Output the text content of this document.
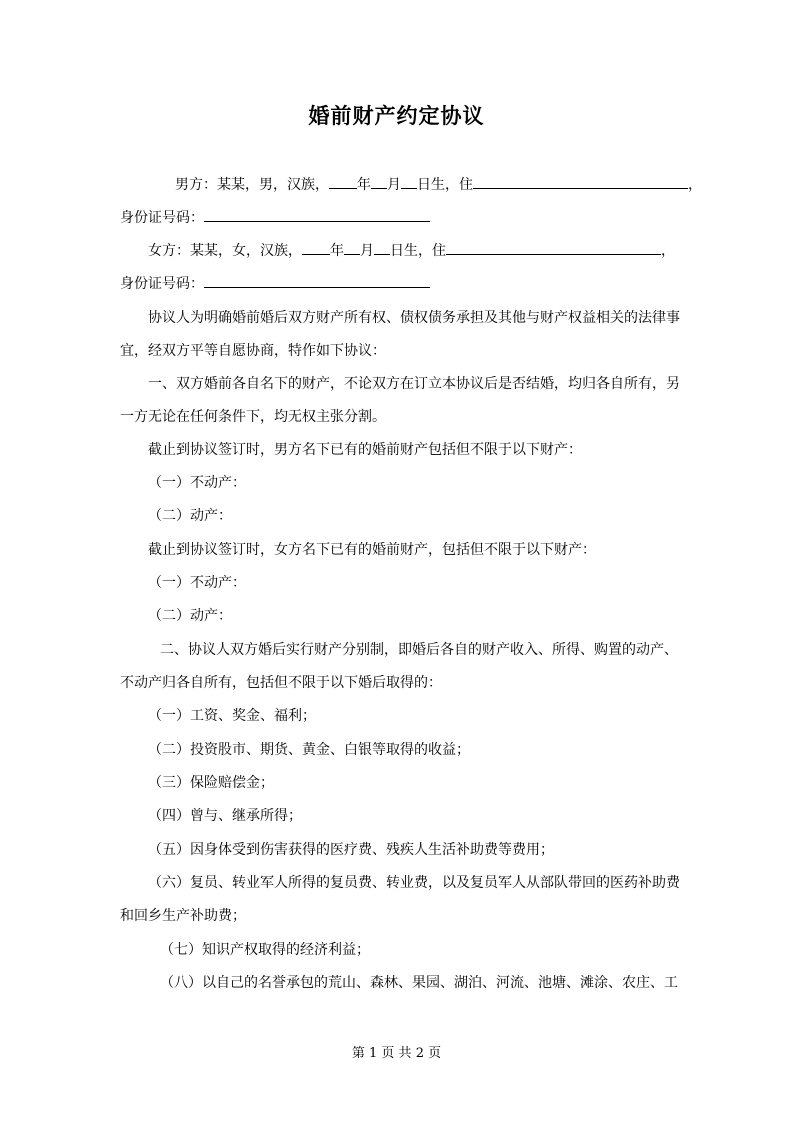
婚前财产约定协议
男方：某某，男，汉族， 年 月 日生，住	，
身份证号码：
女方：某某，女，汉族， 年 月 日生，住	，
身份证号码：
协议人为明确婚前婚后双方财产所有权、债权债务承担及其他与财产权益相关的法律事
宜，经双方平等自愿协商，特作如下协议：
一、双方婚前各自名下的财产，不论双方在订立本协议后是否结婚，均归各自所有，另
一方无论在任何条件下，均无权主张分割。
截止到协议签订时，男方名下已有的婚前财产包括但不限于以下财产：
（一）不动产：
（二）动产：
截止到协议签订时，女方名下已有的婚前财产，包括但不限于以下财产：
（一）不动产：
（二）动产：
二、协议人双方婚后实行财产分别制，即婚后各自的财产收入、所得、购置的动产、
不动产归各自所有，包括但不限于以下婚后取得的：
（一）工资、奖金、福利；
（二）投资股市、期货、黄金、白银等取得的收益；
（三）保险赔偿金；
（四）曾与、继承所得；
（五）因身体受到伤害获得的医疗费、残疾人生活补助费等费用；
（六）复员、转业军人所得的复员费、转业费，以及复员军人从部队带回的医药补助费
和回乡生产补助费；
（七）知识产权取得的经济利益；
（八）以自己的名誉承包的荒山、森林、果园、湖泊、河流、池塘、滩涂、农庄、工
第 1 页 共 2 页
